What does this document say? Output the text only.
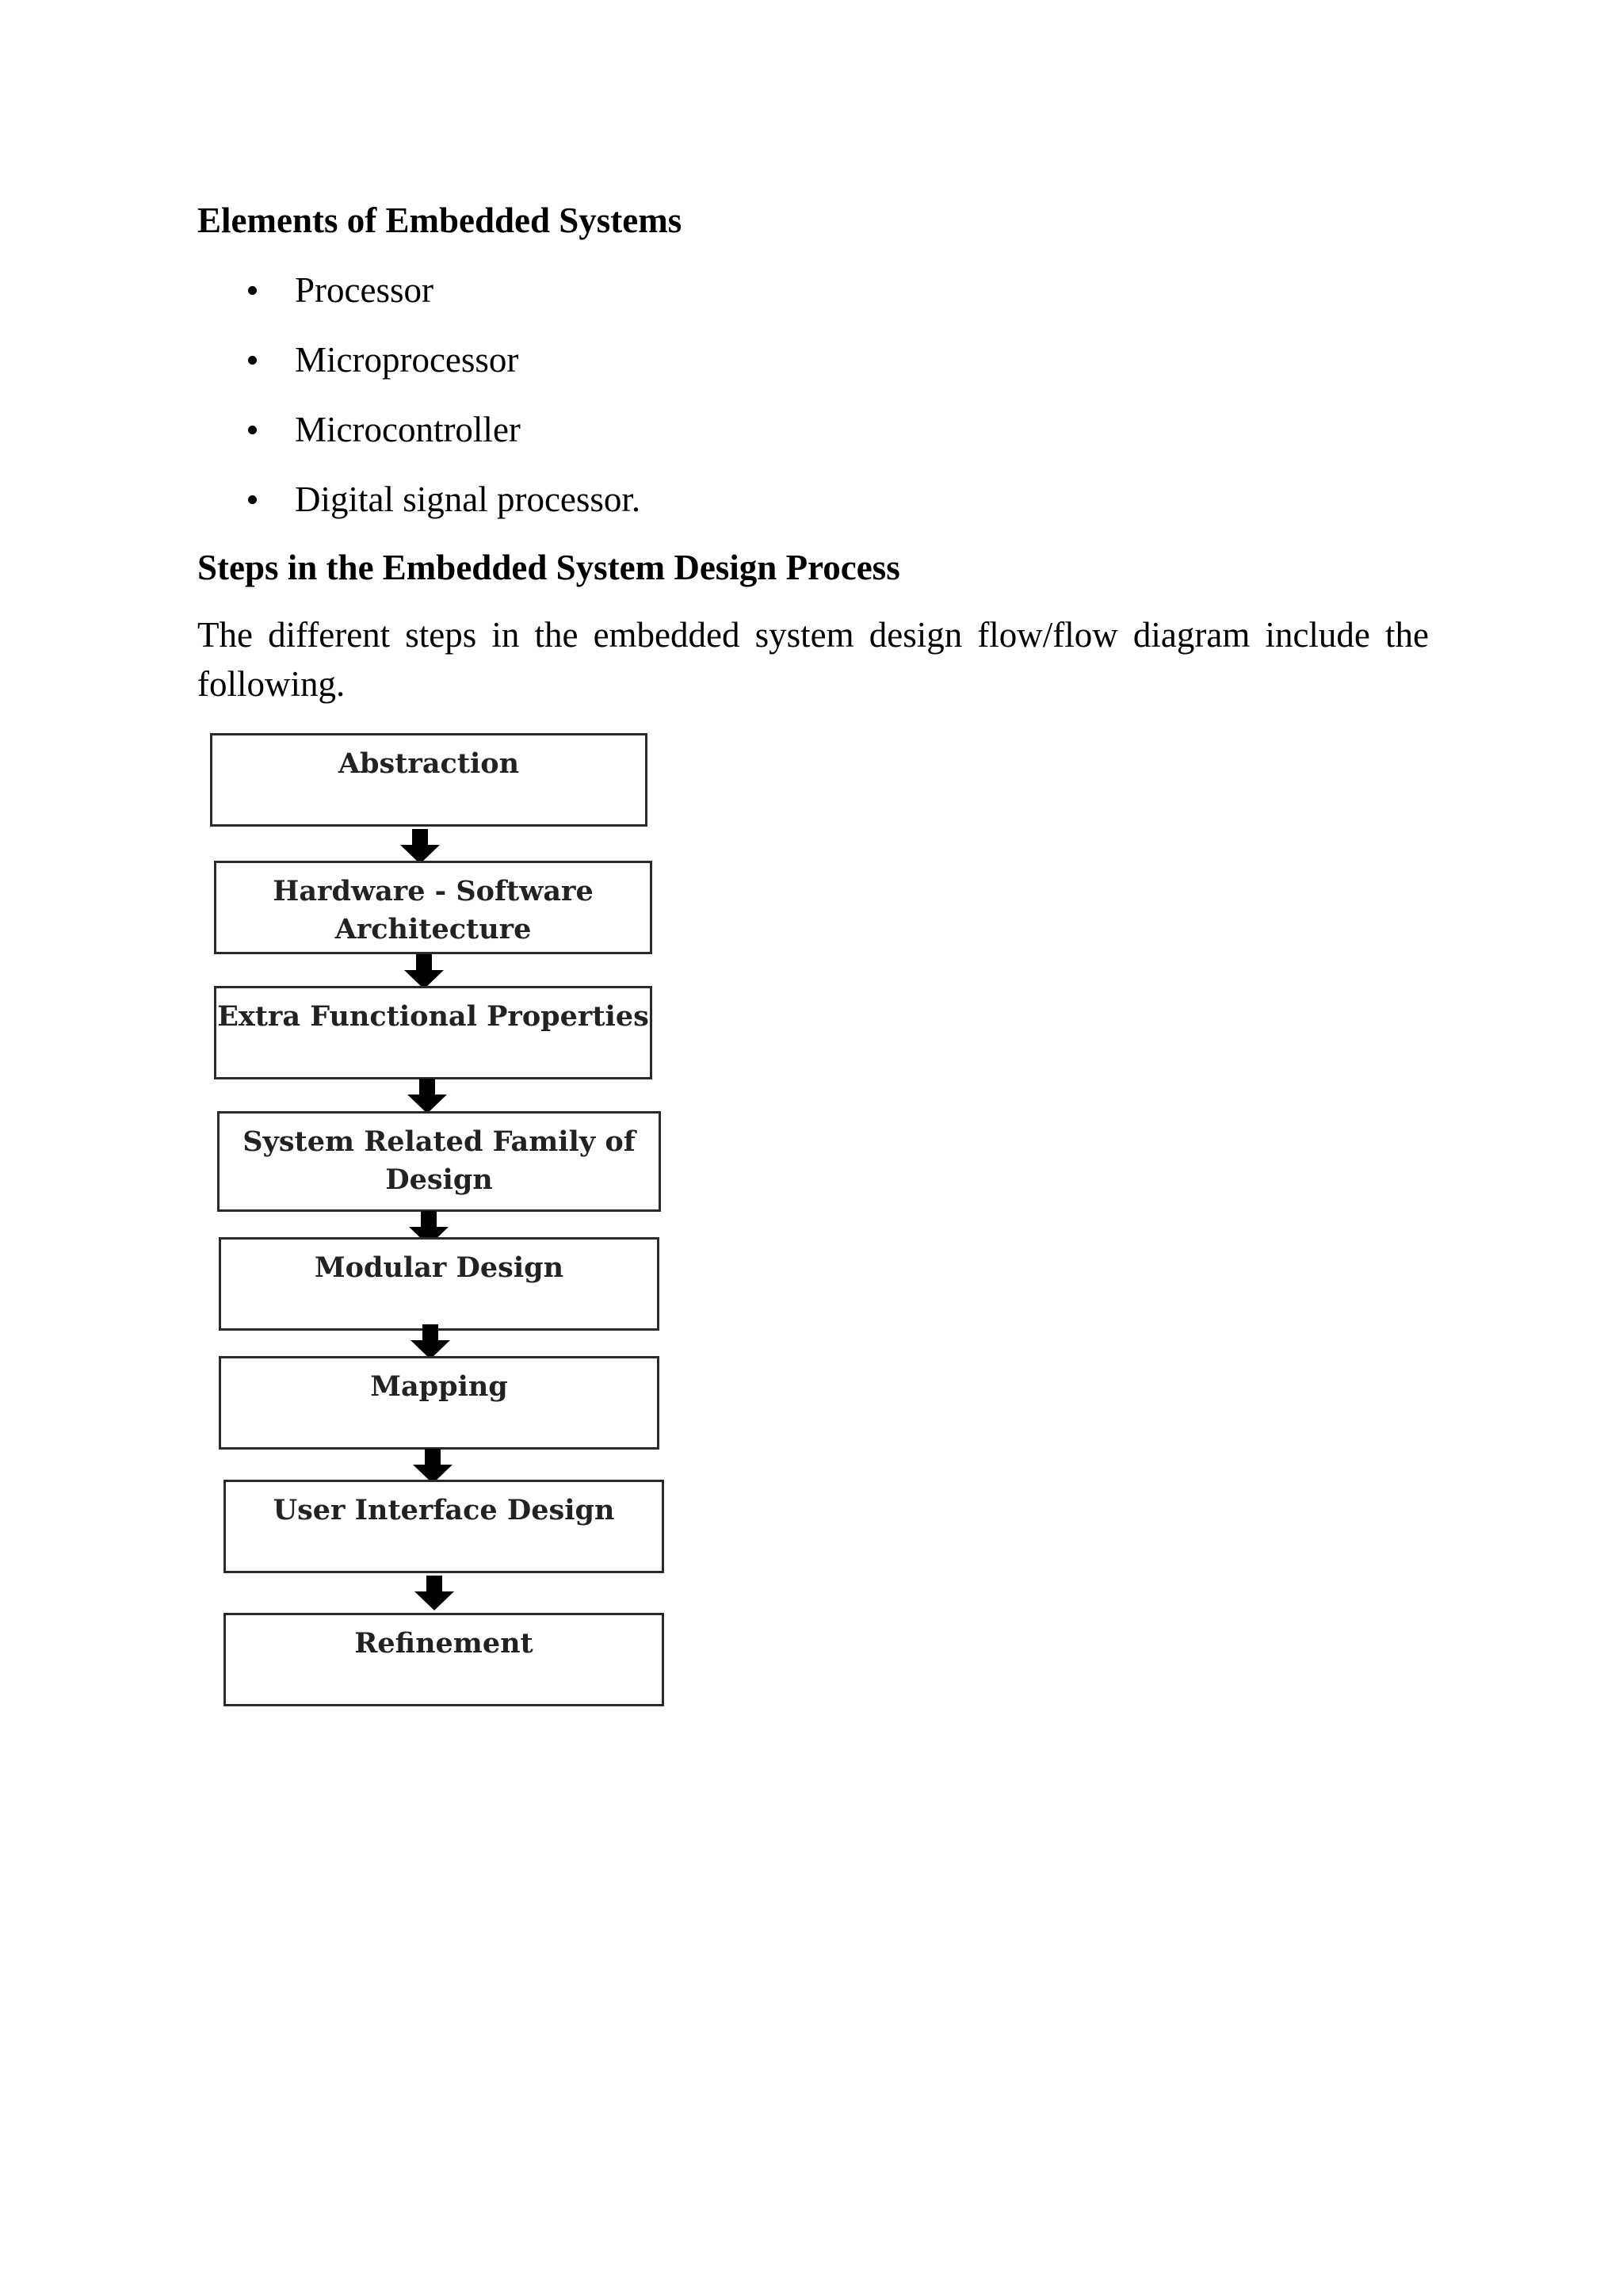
Elements of Embedded Systems
Processor
Microprocessor
Microcontroller
Digital signal processor.
Steps in the Embedded System Design Process

The different steps in the embedded system design flow/flow diagram include the following.

Abstraction
Hardware - Software Architecture
Extra Functional Properties
System Related Family of Design
Modular Design
Mapping
User Interface Design
Refinement
